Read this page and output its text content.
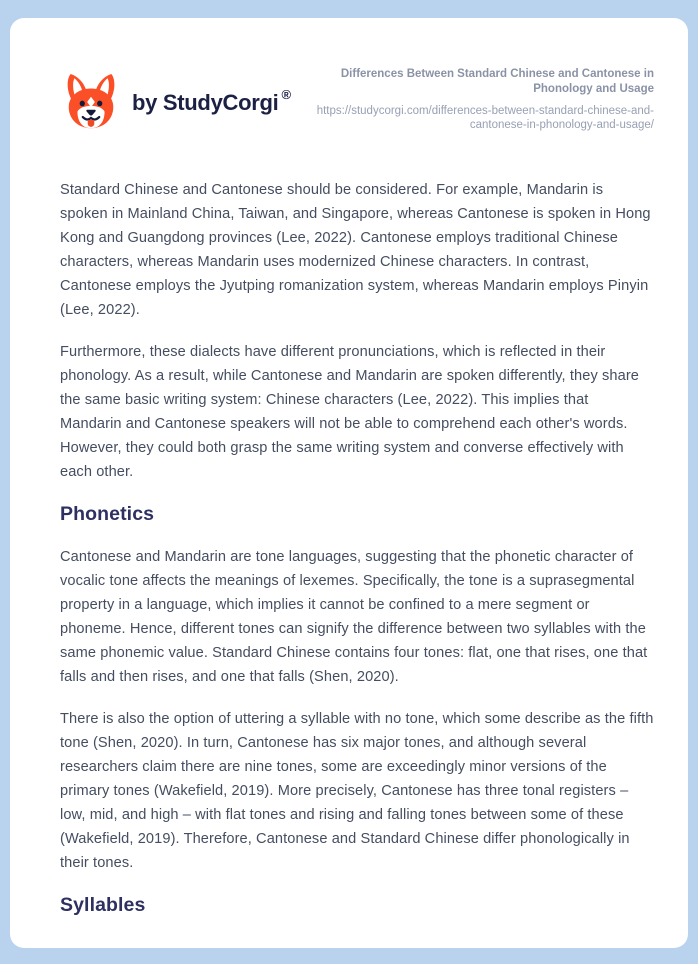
by StudyCorgi ®
Differences Between Standard Chinese and Cantonese in Phonology and Usage
https://studycorgi.com/differences-between-standard-chinese-and-cantonese-in-phonology-and-usage/

Standard Chinese and Cantonese should be considered. For example, Mandarin is spoken in Mainland China, Taiwan, and Singapore, whereas Cantonese is spoken in Hong Kong and Guangdong provinces (Lee, 2022). Cantonese employs traditional Chinese characters, whereas Mandarin uses modernized Chinese characters. In contrast, Cantonese employs the Jyutping romanization system, whereas Mandarin employs Pinyin (Lee, 2022).

Furthermore, these dialects have different pronunciations, which is reflected in their phonology. As a result, while Cantonese and Mandarin are spoken differently, they share the same basic writing system: Chinese characters (Lee, 2022). This implies that Mandarin and Cantonese speakers will not be able to comprehend each other's words. However, they could both grasp the same writing system and converse effectively with each other.

Phonetics

Cantonese and Mandarin are tone languages, suggesting that the phonetic character of vocalic tone affects the meanings of lexemes. Specifically, the tone is a suprasegmental property in a language, which implies it cannot be confined to a mere segment or phoneme. Hence, different tones can signify the difference between two syllables with the same phonemic value. Standard Chinese contains four tones: flat, one that rises, one that falls and then rises, and one that falls (Shen, 2020).

There is also the option of uttering a syllable with no tone, which some describe as the fifth tone (Shen, 2020). In turn, Cantonese has six major tones, and although several researchers claim there are nine tones, some are exceedingly minor versions of the primary tones (Wakefield, 2019). More precisely, Cantonese has three tonal registers – low, mid, and high – with flat tones and rising and falling tones between some of these (Wakefield, 2019). Therefore, Cantonese and Standard Chinese differ phonologically in their tones.

Syllables
